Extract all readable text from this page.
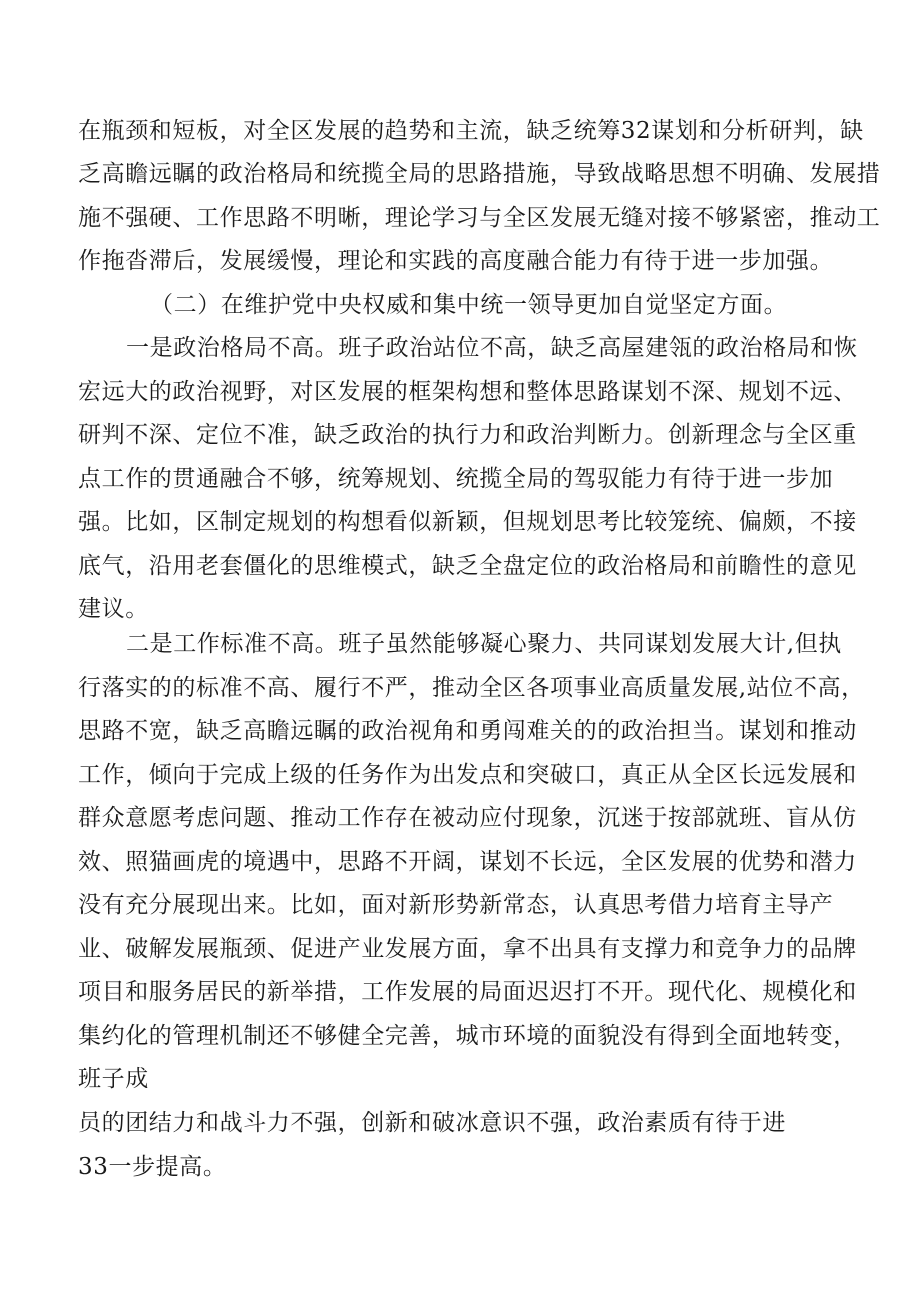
在瓶颈和短板，对全区发展的趋势和主流，缺乏统筹32谋划和分析研判，缺
乏高瞻远瞩的政治格局和统揽全局的思路措施，导致战略思想不明确、发展措
施不强硬、工作思路不明晰，理论学习与全区发展无缝对接不够紧密，推动工
作拖沓滞后，发展缓慢，理论和实践的高度融合能力有待于进一步加强。
（二）在维护党中央权威和集中统一领导更加自觉坚定方面。
一是政治格局不高。班子政治站位不高，缺乏高屋建瓴的政治格局和恢
宏远大的政治视野，对区发展的框架构想和整体思路谋划不深、规划不远、
研判不深、定位不准，缺乏政治的执行力和政治判断力。创新理念与全区重
点工作的贯通融合不够，统筹规划、统揽全局的驾驭能力有待于进一步加
强。比如，区制定规划的构想看似新颖，但规划思考比较笼统、偏颇，不接
底气，沿用老套僵化的思维模式，缺乏全盘定位的政治格局和前瞻性的意见
建议。
二是工作标准不高。班子虽然能够凝心聚力、共同谋划发展大计,但执
行落实的的标准不高、履行不严，推动全区各项事业高质量发展,站位不高，
思路不宽，缺乏高瞻远瞩的政治视角和勇闯难关的的政治担当。谋划和推动
工作，倾向于完成上级的任务作为出发点和突破口，真正从全区长远发展和
群众意愿考虑问题、推动工作存在被动应付现象，沉迷于按部就班、盲从仿
效、照猫画虎的境遇中，思路不开阔，谋划不长远，全区发展的优势和潜力
没有充分展现出来。比如，面对新形势新常态，认真思考借力培育主导产
业、破解发展瓶颈、促进产业发展方面，拿不出具有支撑力和竞争力的品牌
项目和服务居民的新举措，工作发展的局面迟迟打不开。现代化、规模化和
集约化的管理机制还不够健全完善，城市环境的面貌没有得到全面地转变，
班子成
员的团结力和战斗力不强，创新和破冰意识不强，政治素质有待于进
33一步提高。
